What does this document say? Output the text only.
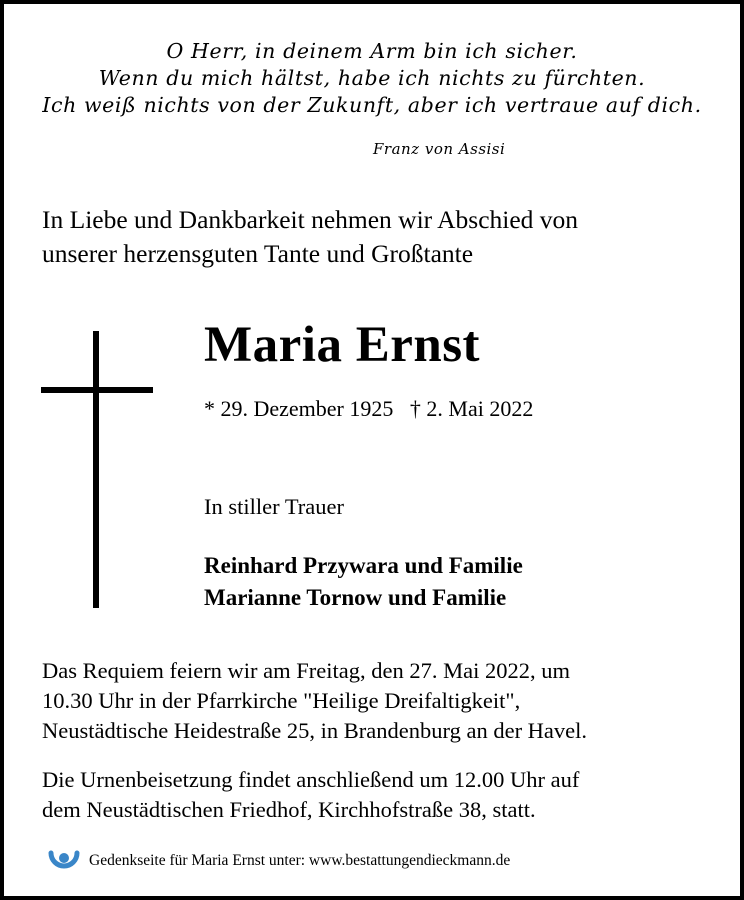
O Herr, in deinem Arm bin ich sicher.
Wenn du mich hältst, habe ich nichts zu fürchten.
Ich weiß nichts von der Zukunft, aber ich vertraue auf dich.
Franz von Assisi
In Liebe und Dankbarkeit nehmen wir Abschied von
unserer herzensguten Tante und Großtante
Maria Ernst
* 29. Dezember 1925   † 2. Mai 2022
In stiller Trauer
Reinhard Przywara und Familie
Marianne Tornow und Familie
Das Requiem feiern wir am Freitag, den 27. Mai 2022, um
10.30 Uhr in der Pfarrkirche "Heilige Dreifaltigkeit",
Neustädtische Heidestraße 25, in Brandenburg an der Havel.
Die Urnenbeisetzung findet anschließend um 12.00 Uhr auf
dem Neustädtischen Friedhof, Kirchhofstraße 38, statt.
Gedenkseite für Maria Ernst unter: www.bestattungendieckmann.de
